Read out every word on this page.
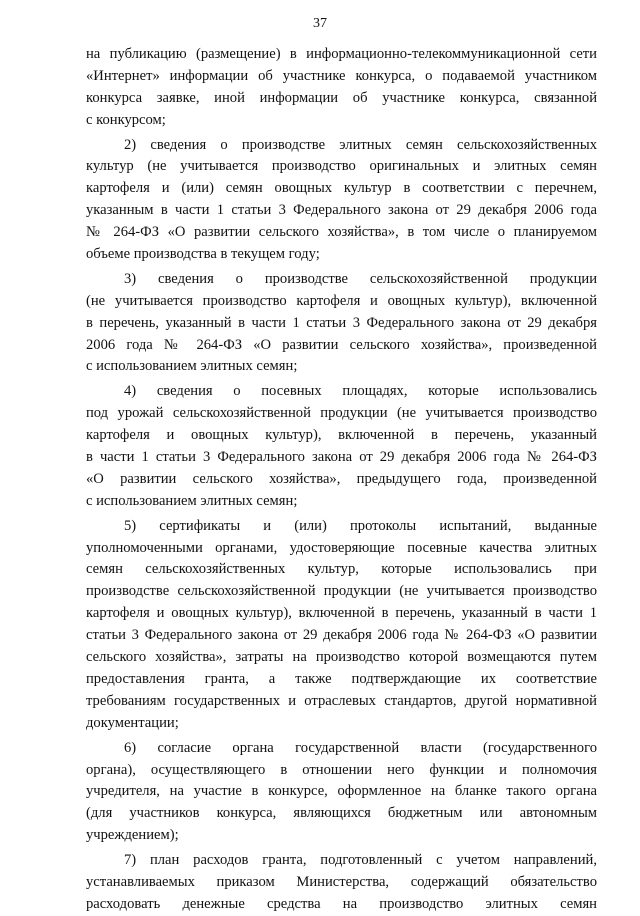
37
на публикацию (размещение) в информационно-телекоммуникационной сети
«Интернет» информации об участнике конкурса, о подаваемой участником
конкурса заявке, иной информации об участнике конкурса, связанной
с конкурсом;
2) сведения о производстве элитных семян сельскохозяйственных
культур (не учитывается производство оригинальных и элитных семян
картофеля и (или) семян овощных культур в соответствии с перечнем,
указанным в части 1 статьи 3 Федерального закона от 29 декабря 2006 года
№ 264-ФЗ «О развитии сельского хозяйства», в том числе о планируемом
объеме производства в текущем году;
3) сведения о производстве сельскохозяйственной продукции
(не учитывается производство картофеля и овощных культур), включенной
в перечень, указанный в части 1 статьи 3 Федерального закона от 29 декабря
2006 года № 264-ФЗ «О развитии сельского хозяйства», произведенной
с использованием элитных семян;
4) сведения о посевных площадях, которые использовались
под урожай сельскохозяйственной продукции (не учитывается производство
картофеля и овощных культур), включенной в перечень, указанный
в части 1 статьи 3 Федерального закона от 29 декабря 2006 года № 264-ФЗ
«О развитии сельского хозяйства», предыдущего года, произведенной
с использованием элитных семян;
5) сертификаты и (или) протоколы испытаний, выданные
уполномоченными органами, удостоверяющие посевные качества элитных
семян сельскохозяйственных культур, которые использовались при
производстве сельскохозяйственной продукции (не учитывается производство
картофеля и овощных культур), включенной в перечень, указанный в части 1
статьи 3 Федерального закона от 29 декабря 2006 года № 264-ФЗ «О развитии
сельского хозяйства», затраты на производство которой возмещаются путем
предоставления гранта, а также подтверждающие их соответствие
требованиям государственных и отраслевых стандартов, другой нормативной
документации;
6) согласие органа государственной власти (государственного
органа), осуществляющего в отношении него функции и полномочия
учредителя, на участие в конкурсе, оформленное на бланке такого органа
(для участников конкурса, являющихся бюджетным или автономным
учреждением);
7) план расходов гранта, подготовленный с учетом направлений,
устанавливаемых приказом Министерства, содержащий обязательство
расходовать денежные средства на производство элитных семян
